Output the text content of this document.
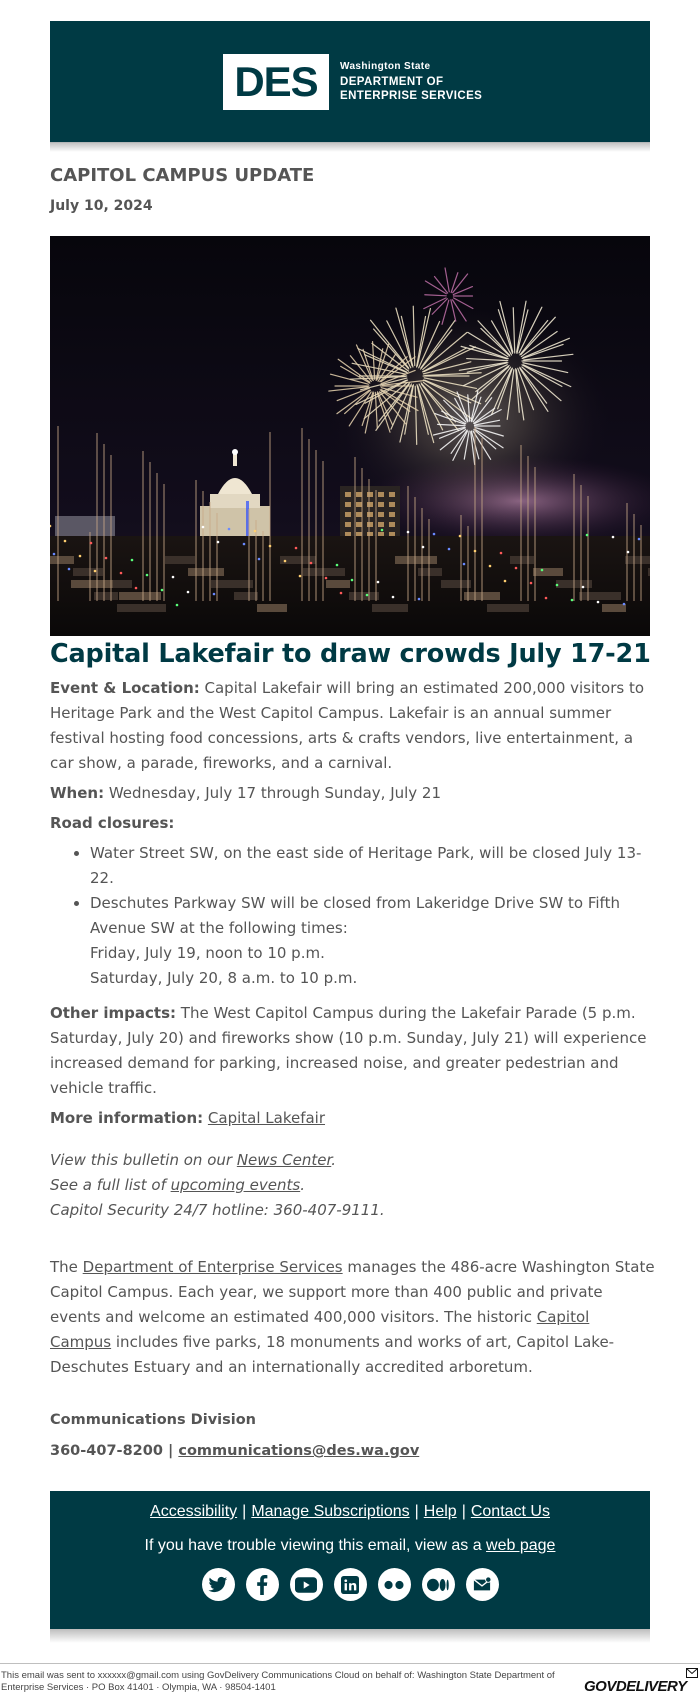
DES Washington State
DEPARTMENT OF
ENTERPRISE SERVICES
CAPITOL CAMPUS UPDATE
July 10, 2024
Capital Lakefair to draw crowds July 17-21

Event & Location: Capital Lakefair will bring an estimated 200,000 visitors to Heritage Park and the West Capitol Campus. Lakefair is an annual summer festival hosting food concessions, arts & crafts vendors, live entertainment, a car show, a parade, fireworks, and a carnival.

When: Wednesday, July 17 through Sunday, July 21

Road closures:

• Water Street SW, on the east side of Heritage Park, will be closed July 13-22.
• Deschutes Parkway SW will be closed from Lakeridge Drive SW to Fifth Avenue SW at the following times:
Friday, July 19, noon to 10 p.m.
Saturday, July 20, 8 a.m. to 10 p.m.

Other impacts: The West Capitol Campus during the Lakefair Parade (5 p.m. Saturday, July 20) and fireworks show (10 p.m. Sunday, July 21) will experience increased demand for parking, increased noise, and greater pedestrian and vehicle traffic.

More information: Capital Lakefair

View this bulletin on our News Center.
See a full list of upcoming events.
Capitol Security 24/7 hotline: 360-407-9111.
The Department of Enterprise Services manages the 486-acre Washington State Capitol Campus. Each year, we support more than 400 public and private events and welcome an estimated 400,000 visitors. The historic Capitol Campus includes five parks, 18 monuments and works of art, Capitol Lake-Deschutes Estuary and an internationally accredited arboretum.
Communications Division
360-407-8200 | communications@des.wa.gov
Accessibility | Manage Subscriptions | Help | Contact Us
If you have trouble viewing this email, view as a web page
This email was sent to xxxxxx@gmail.com using GovDelivery Communications Cloud on behalf of: Washington State Department of Enterprise Services · PO Box 41401 · Olympia, WA · 98504-1401	GOVDELIVERY
